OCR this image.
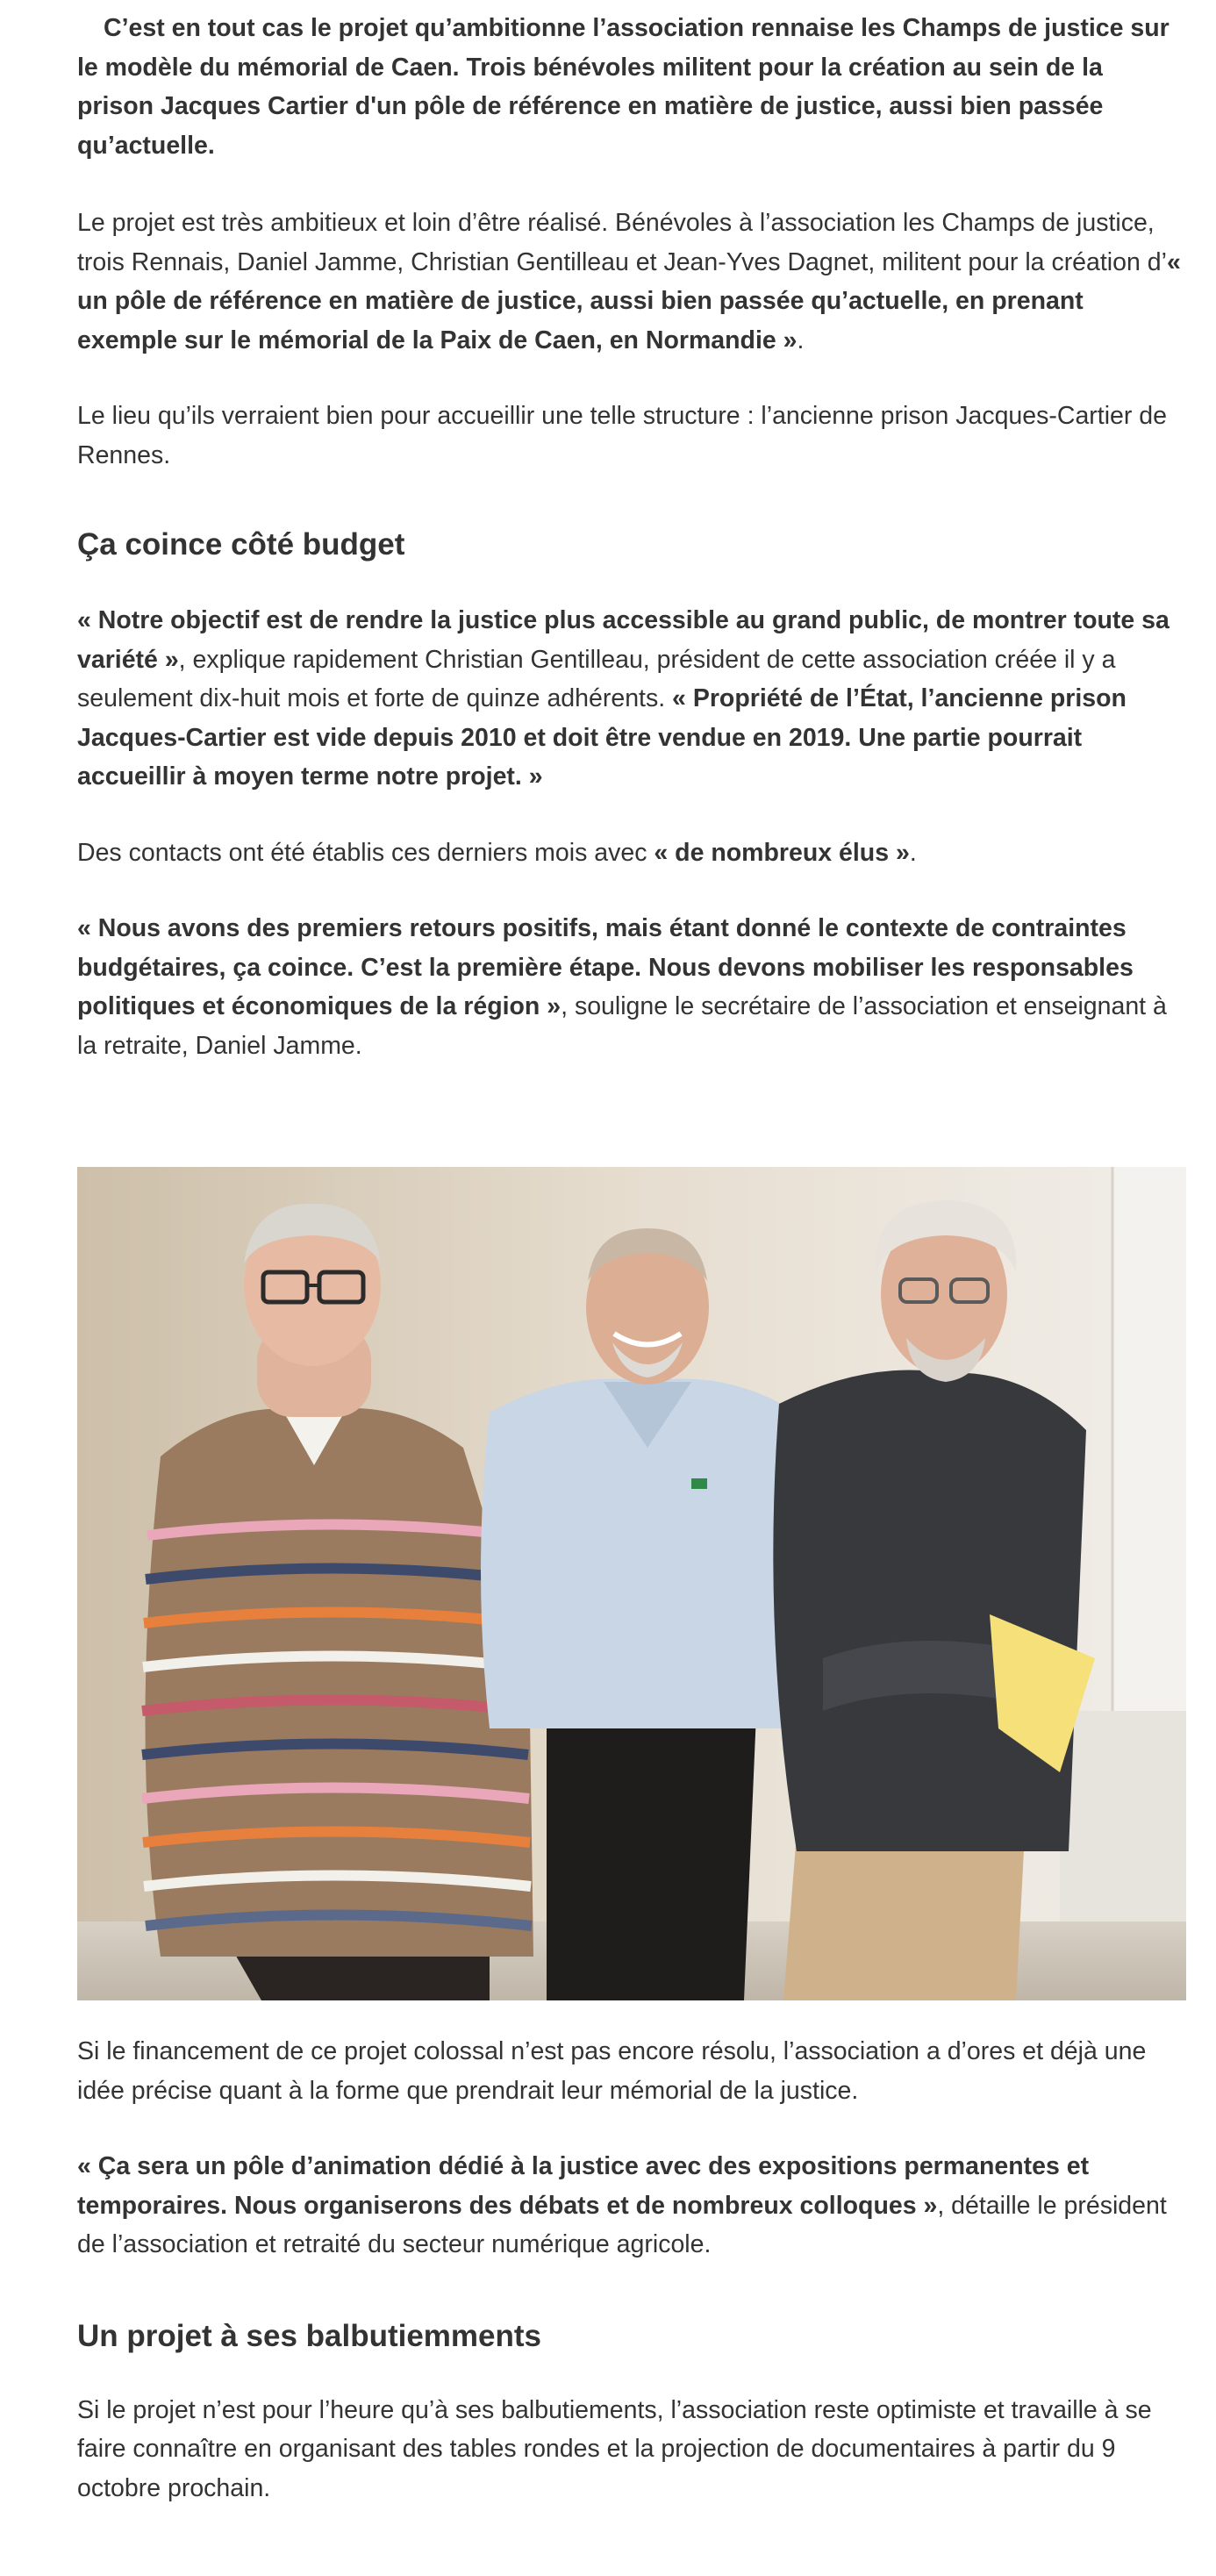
C’est en tout cas le projet qu’ambitionne l’association rennaise les Champs de justice sur le modèle du mémorial de Caen. Trois bénévoles militent pour la création au sein de la prison Jacques Cartier d'un pôle de référence en matière de justice, aussi bien passée qu’actuelle.

Le projet est très ambitieux et loin d’être réalisé. Bénévoles à l’association les Champs de justice, trois Rennais, Daniel Jamme, Christian Gentilleau et Jean-Yves Dagnet, militent pour la création d’« un pôle de référence en matière de justice, aussi bien passée qu’actuelle, en prenant exemple sur le mémorial de la Paix de Caen, en Normandie ».

Le lieu qu’ils verraient bien pour accueillir une telle structure : l’ancienne prison Jacques-Cartier de Rennes.

Ça coince côté budget

« Notre objectif est de rendre la justice plus accessible au grand public, de montrer toute sa variété », explique rapidement Christian Gentilleau, président de cette association créée il y a seulement dix-huit mois et forte de quinze adhérents. « Propriété de l’État, l’ancienne prison Jacques-Cartier est vide depuis 2010 et doit être vendue en 2019. Une partie pourrait accueillir à moyen terme notre projet. »

Des contacts ont été établis ces derniers mois avec « de nombreux élus ».

« Nous avons des premiers retours positifs, mais étant donné le contexte de contraintes budgétaires, ça coince. C’est la première étape. Nous devons mobiliser les responsables politiques et économiques de la région », souligne le secrétaire de l’association et enseignant à la retraite, Daniel Jamme.

Si le financement de ce projet colossal n’est pas encore résolu, l’association a d’ores et déjà une idée précise quant à la forme que prendrait leur mémorial de la justice.

« Ça sera un pôle d’animation dédié à la justice avec des expositions permanentes et temporaires. Nous organiserons des débats et de nombreux colloques », détaille le président de l’association et retraité du secteur numérique agricole.

Un projet à ses balbutiemments

Si le projet n’est pour l’heure qu’à ses balbutiements, l’association reste optimiste et travaille à se faire connaître en organisant des tables rondes et la projection de documentaires à partir du 9 octobre prochain.
